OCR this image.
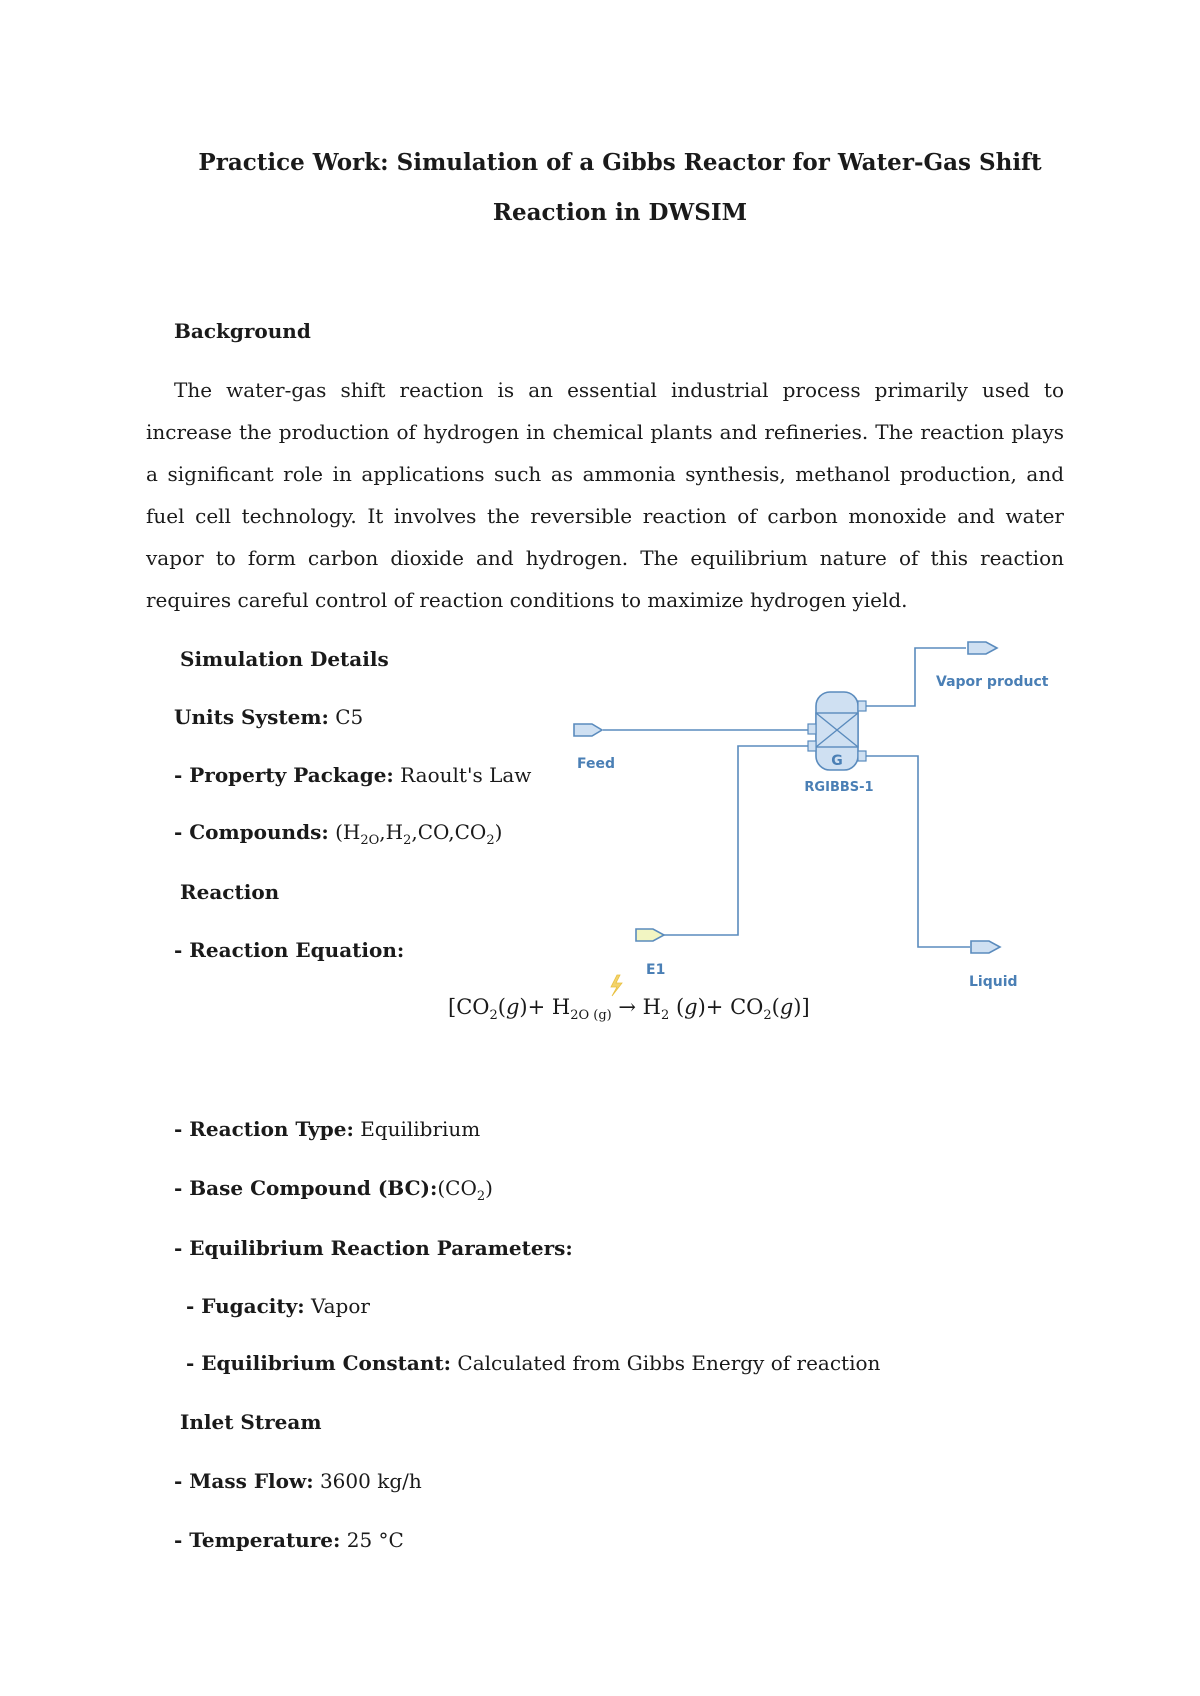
Practice Work: Simulation of a Gibbs Reactor for Water-Gas Shift
Reaction in DWSIM
Background
The water-gas shift reaction is an essential industrial process primarily used to increase the production of hydrogen in chemical plants and refineries. The reaction plays a significant role in applications such as ammonia synthesis, methanol production, and fuel cell technology. It involves the reversible reaction of carbon monoxide and water vapor to form carbon dioxide and hydrogen. The equilibrium nature of this reaction requires careful control of reaction conditions to maximize hydrogen yield.
Simulation Details
Units System: C5
- Property Package: Raoult's Law
- Compounds: $(H_{2O},H_2,CO,CO_2)$
Reaction
- Reaction Equation:
[$CO_2(g)+ H_{2O (g)} \to H_2$ $(g)+ CO_2(g)$]
- Reaction Type: Equilibrium
- Base Compound $(BC):(CO_2)$
- Equilibrium Reaction Parameters:
- Fugacity: Vapor
- Equilibrium Constant: Calculated from Gibbs Energy of reaction
Inlet Stream
- Mass Flow: 3600 kg/h
- Temperature: 25 °C
G
Feed
Vapor product
RGIBBS-1
E1
Liquid
